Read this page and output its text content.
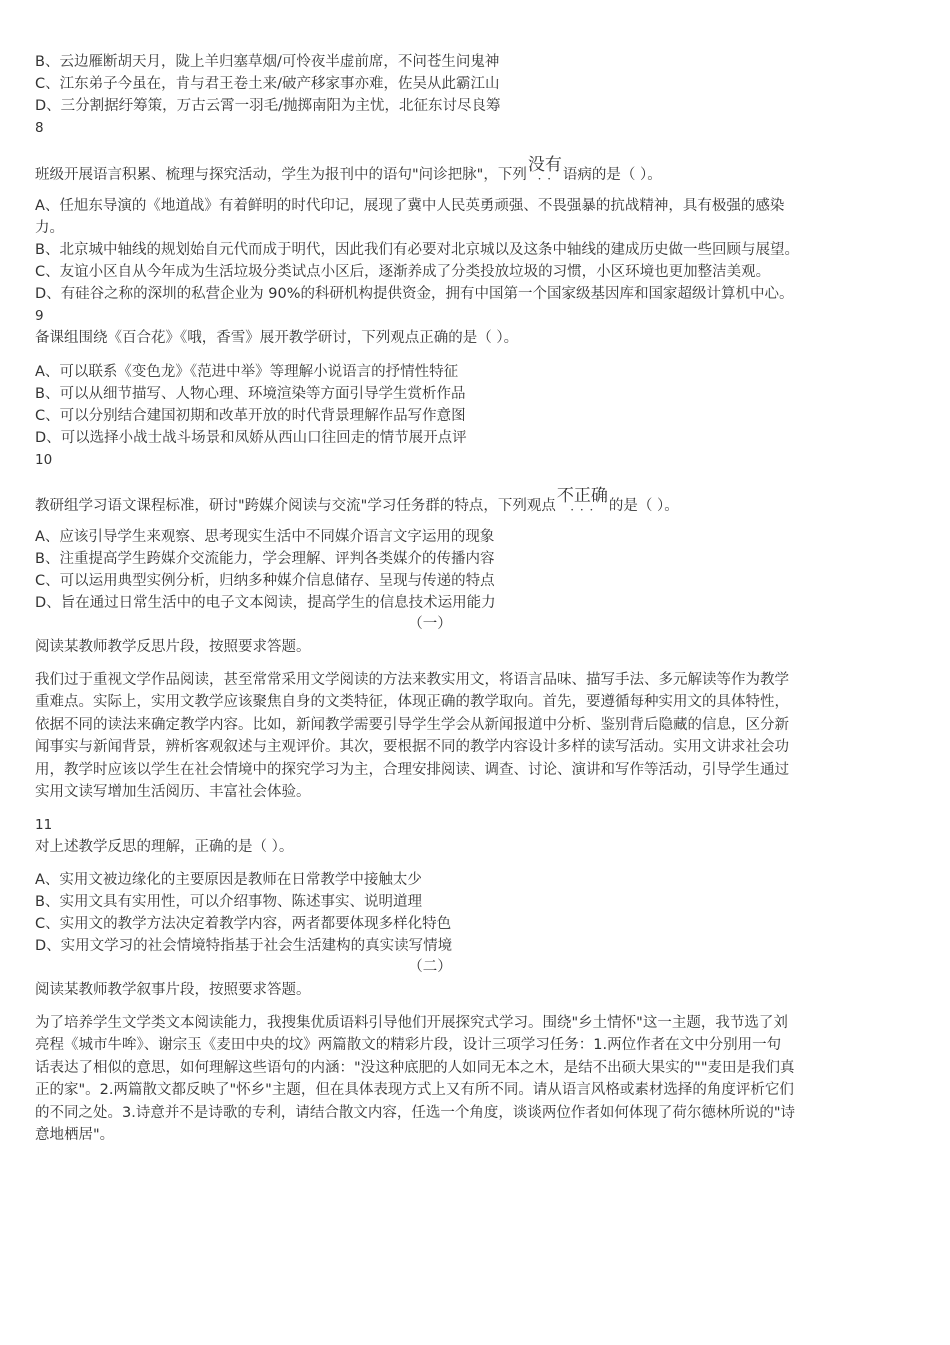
B、云边雁断胡天月，陇上羊归塞草烟/可怜夜半虚前席，不问苍生问鬼神
C、江东弟子今虽在，肯与君王卷土来/破产移家事亦难，佐吴从此霸江山
D、三分割据纡筹策，万古云霄一羽毛/抛掷南阳为主忧，北征东讨尽良筹
8
班级开展语言积累、梳理与探究活动，学生为报刊中的语句"问诊把脉"，下列没有 · ·语病的是（ ）。
A、任旭东导演的《地道战》有着鲜明的时代印记，展现了冀中人民英勇顽强、不畏强暴的抗战精神，具有极强的感染
力。
B、北京城中轴线的规划始自元代而成于明代，因此我们有必要对北京城以及这条中轴线的建成历史做一些回顾与展望。
C、友谊小区自从今年成为生活垃圾分类试点小区后，逐渐养成了分类投放垃圾的习惯，小区环境也更加整洁美观。
D、有硅谷之称的深圳的私营企业为 90%的科研机构提供资金，拥有中国第一个国家级基因库和国家超级计算机中心。
9
备课组围绕《百合花》《哦，香雪》展开教学研讨，下列观点正确的是（ ）。
A、可以联系《变色龙》《范进中举》等理解小说语言的抒情性特征
B、可以从细节描写、人物心理、环境渲染等方面引导学生赏析作品
C、可以分别结合建国初期和改革开放的时代背景理解作品写作意图
D、可以选择小战士战斗场景和凤娇从西山口往回走的情节展开点评
10
教研组学习语文课程标准，研讨"跨媒介阅读与交流"学习任务群的特点，下列观点不正确 · · ·的是（ ）。
A、应该引导学生来观察、思考现实生活中不同媒介语言文字运用的现象
B、注重提高学生跨媒介交流能力，学会理解、评判各类媒介的传播内容
C、可以运用典型实例分析，归纳多种媒介信息储存、呈现与传递的特点
D、旨在通过日常生活中的电子文本阅读，提高学生的信息技术运用能力
（一）
阅读某教师教学反思片段，按照要求答题。
我们过于重视文学作品阅读，甚至常常采用文学阅读的方法来教实用文，将语言品味、描写手法、多元解读等作为教学
重难点。实际上，实用文教学应该聚焦自身的文类特征，体现正确的教学取向。首先，要遵循每种实用文的具体特性，
依据不同的读法来确定教学内容。比如，新闻教学需要引导学生学会从新闻报道中分析、鉴别背后隐藏的信息，区分新
闻事实与新闻背景，辨析客观叙述与主观评价。其次，要根据不同的教学内容设计多样的读写活动。实用文讲求社会功
用，教学时应该以学生在社会情境中的探究学习为主，合理安排阅读、调查、讨论、演讲和写作等活动，引导学生通过
实用文读写增加生活阅历、丰富社会体验。
11
对上述教学反思的理解，正确的是（ ）。
A、实用文被边缘化的主要原因是教师在日常教学中接触太少
B、实用文具有实用性，可以介绍事物、陈述事实、说明道理
C、实用文的教学方法决定着教学内容，两者都要体现多样化特色
D、实用文学习的社会情境特指基于社会生活建构的真实读写情境
（二）
阅读某教师教学叙事片段，按照要求答题。
为了培养学生文学类文本阅读能力，我搜集优质语料引导他们开展探究式学习。围绕"乡土情怀"这一主题，我节选了刘
亮程《城市牛哞》、谢宗玉《麦田中央的坟》两篇散文的精彩片段，设计三项学习任务：1.两位作者在文中分别用一句
话表达了相似的意思，如何理解这些语句的内涵："没这种底肥的人如同无本之木，是结不出硕大果实的""麦田是我们真
正的家"。2.两篇散文都反映了"怀乡"主题，但在具体表现方式上又有所不同。请从语言风格或素材选择的角度评析它们
的不同之处。3.诗意并不是诗歌的专利，请结合散文内容，任选一个角度，谈谈两位作者如何体现了荷尔德林所说的"诗
意地栖居"。
